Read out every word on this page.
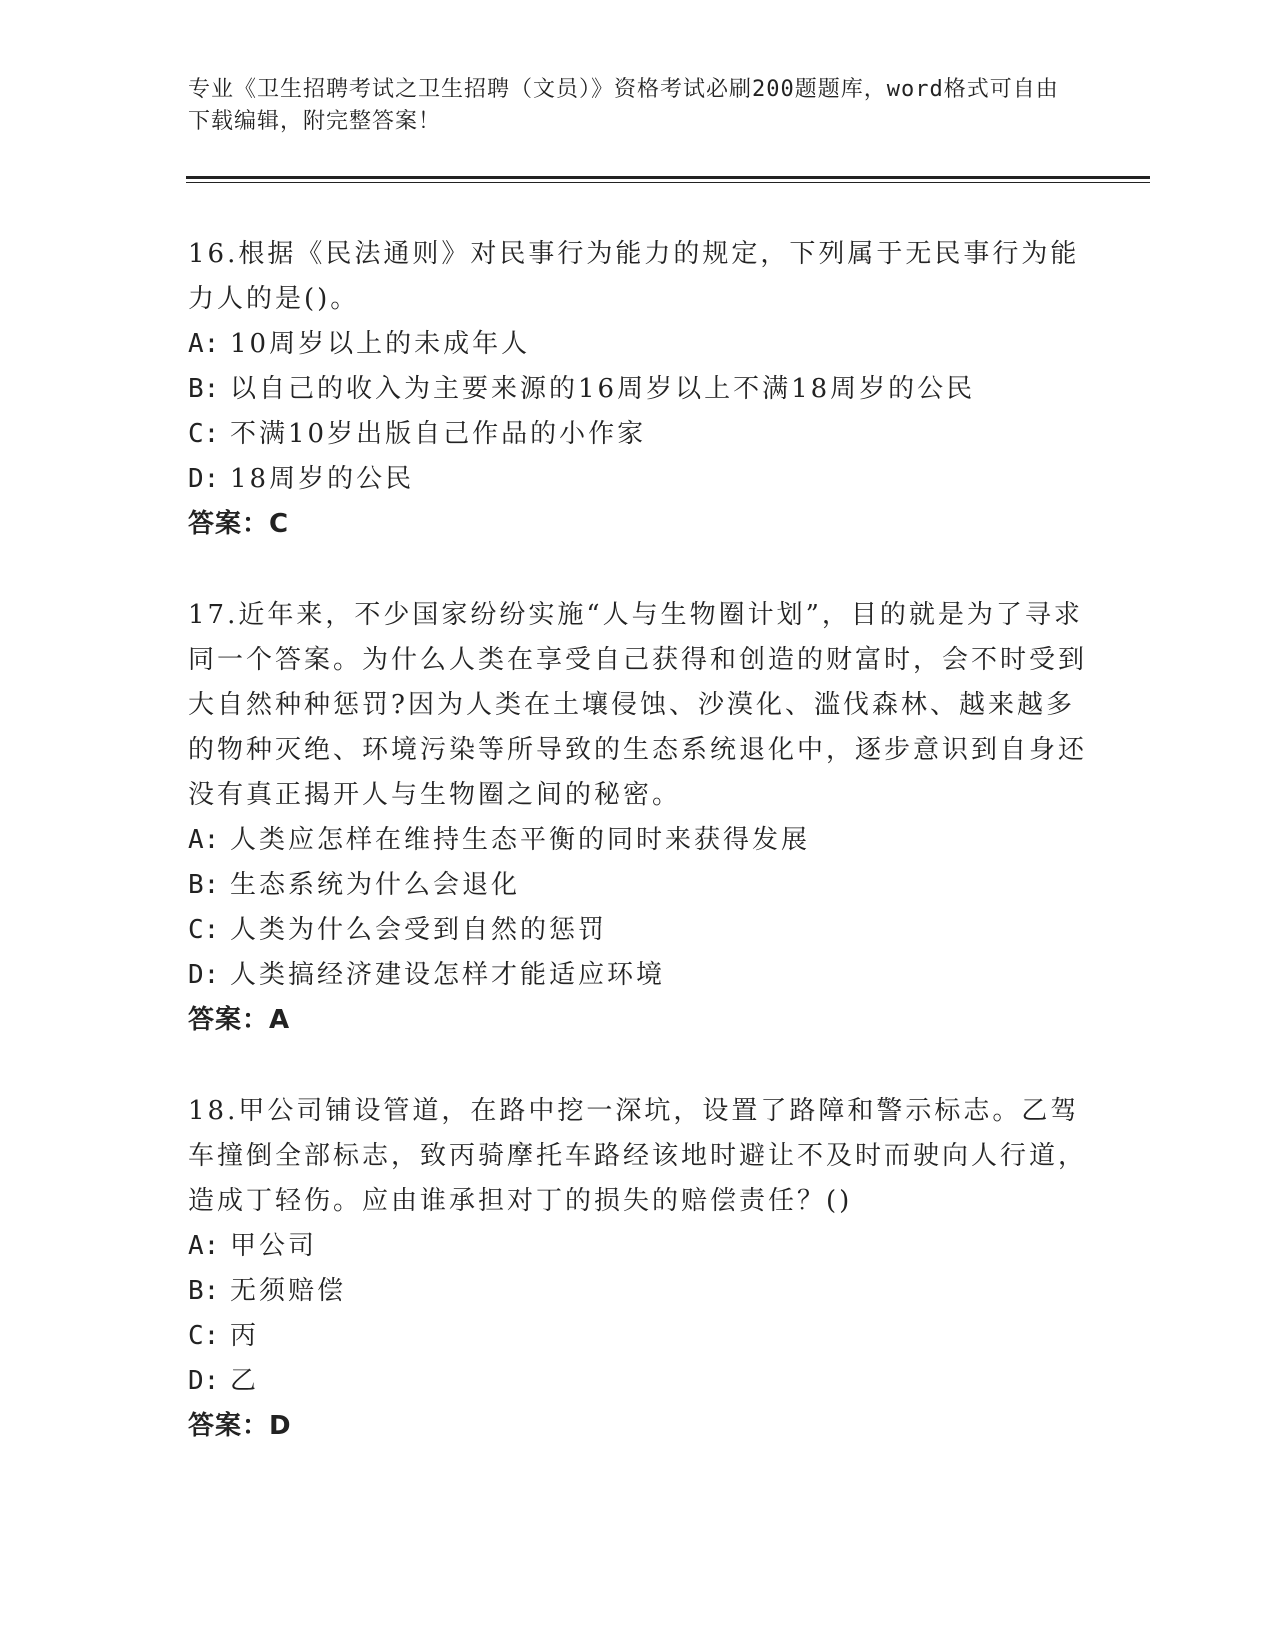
专业《卫生招聘考试之卫生招聘（文员）》资格考试必刷200题题库，word格式可自由下载编辑，附完整答案！

16.根据《民法通则》对民事行为能力的规定，下列属于无民事行为能力人的是()。

A: 10周岁以上的未成年人
B: 以自己的收入为主要来源的16周岁以上不满18周岁的公民
C: 不满10岁出版自己作品的小作家
D: 18周岁的公民

答案：C

17.近年来，不少国家纷纷实施“人与生物圈计划”，目的就是为了寻求同一个答案。为什么人类在享受自己获得和创造的财富时，会不时受到大自然种种惩罚?因为人类在土壤侵蚀、沙漠化、滥伐森林、越来越多的物种灭绝、环境污染等所导致的生态系统退化中，逐步意识到自身还没有真正揭开人与生物圈之间的秘密。

A: 人类应怎样在维持生态平衡的同时来获得发展
B: 生态系统为什么会退化
C: 人类为什么会受到自然的惩罚
D: 人类搞经济建设怎样才能适应环境

答案：A

18.甲公司铺设管道，在路中挖一深坑，设置了路障和警示标志。乙驾车撞倒全部标志，致丙骑摩托车路经该地时避让不及时而驶向人行道，造成丁轻伤。应由谁承担对丁的损失的赔偿责任？()

A: 甲公司
B: 无须赔偿
C: 丙
D: 乙

答案：D
